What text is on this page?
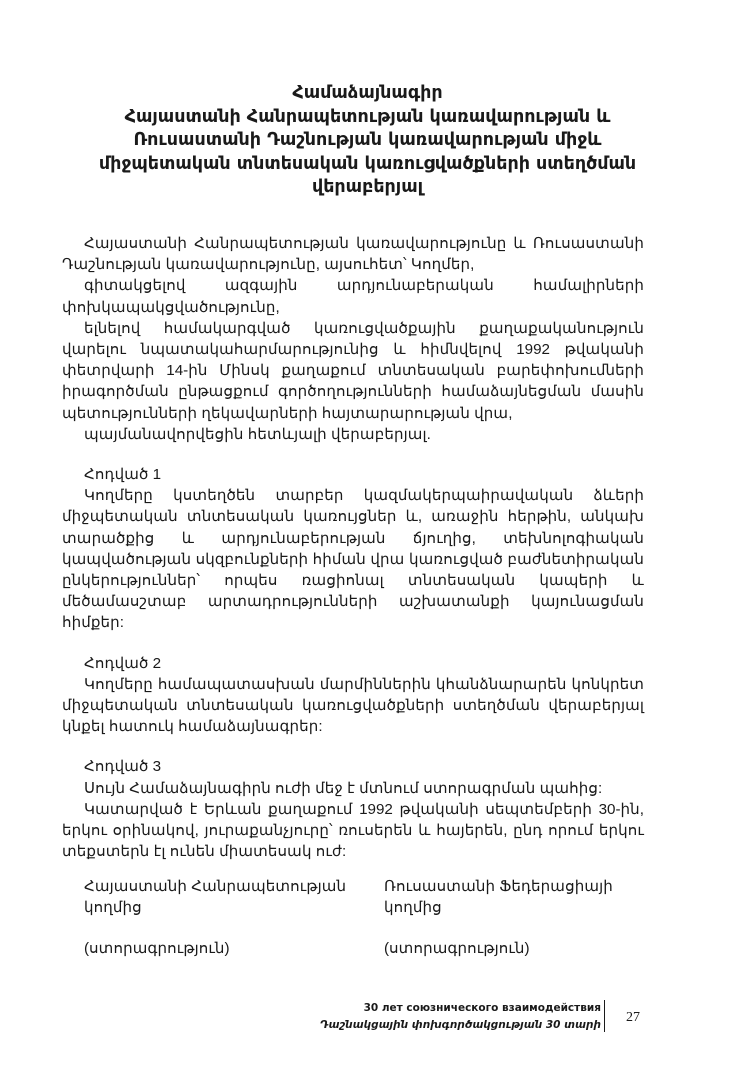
Համաձայնագիր
Հայաստանի Հանրապետության կառավարության և
Ռուսաստանի Դաշնության կառավարության միջև
միջպետական տնտեսական կառուցվածքների ստեղծման
վերաբերյալ
Հայաստանի Հանրապետության կառավարությունը և Ռուսաստանի Դաշնության կառավարությունը, այսուհետ՝ Կողմեր,
գիտակցելով ազգային արդյունաբերական համալիրների փոխկապակցվածությունը,
ելնելով համակարգված կառուցվածքային քաղաքականություն վարելու նպատակահարմարությունից և հիմնվելով 1992 թվականի փետրվարի 14-ին Մինսկ քաղաքում տնտեսական բարեփոխումների իրագործման ընթացքում գործողությունների համաձայնեցման մասին պետությունների ղեկավարների հայտարարության վրա,
պայմանավորվեցին հետևյալի վերաբերյալ.
Հոդված 1
Կողմերը կստեղծեն տարբեր կազմակերպաիրավական ձևերի միջպետական տնտեսական կառույցներ և, առաջին հերթին, անկախ տարածքից և արդյունաբերության ճյուղից, տեխնոլոգիական կապվածության սկզբունքների հիման վրա կառուցված բաժնետիրական ընկերություններ՝ որպես ռացիոնալ տնտեսական կապերի և մեծամասշտաբ արտադրությունների աշխատանքի կայունացման հիմքեր:
Հոդված 2
Կողմերը համապատասխան մարմիններին կհանձնարարեն կոնկրետ միջպետական տնտեսական կառուցվածքների ստեղծման վերաբերյալ կնքել հատուկ համաձայնագրեր:
Հոդված 3
Սույն Համաձայնագիրն ուժի մեջ է մտնում ստորագրման պահից:
Կատարված է Երևան քաղաքում 1992 թվականի սեպտեմբերի 30-ին, երկու օրինակով, յուրաքանչյուրը՝ ռուսերեն և հայերեն, ընդ որում երկու տեքստերն էլ ունեն միատեսակ ուժ:
Հայաստանի Հանրապետության
կողմից
(ստորագրություն)
Ռուսաստանի Ֆեդերացիայի
կողմից
(ստորագրություն)
30 лет союзнического взаимодействия
Դաշնակցային փոխգործակցության 30 տարի 27
